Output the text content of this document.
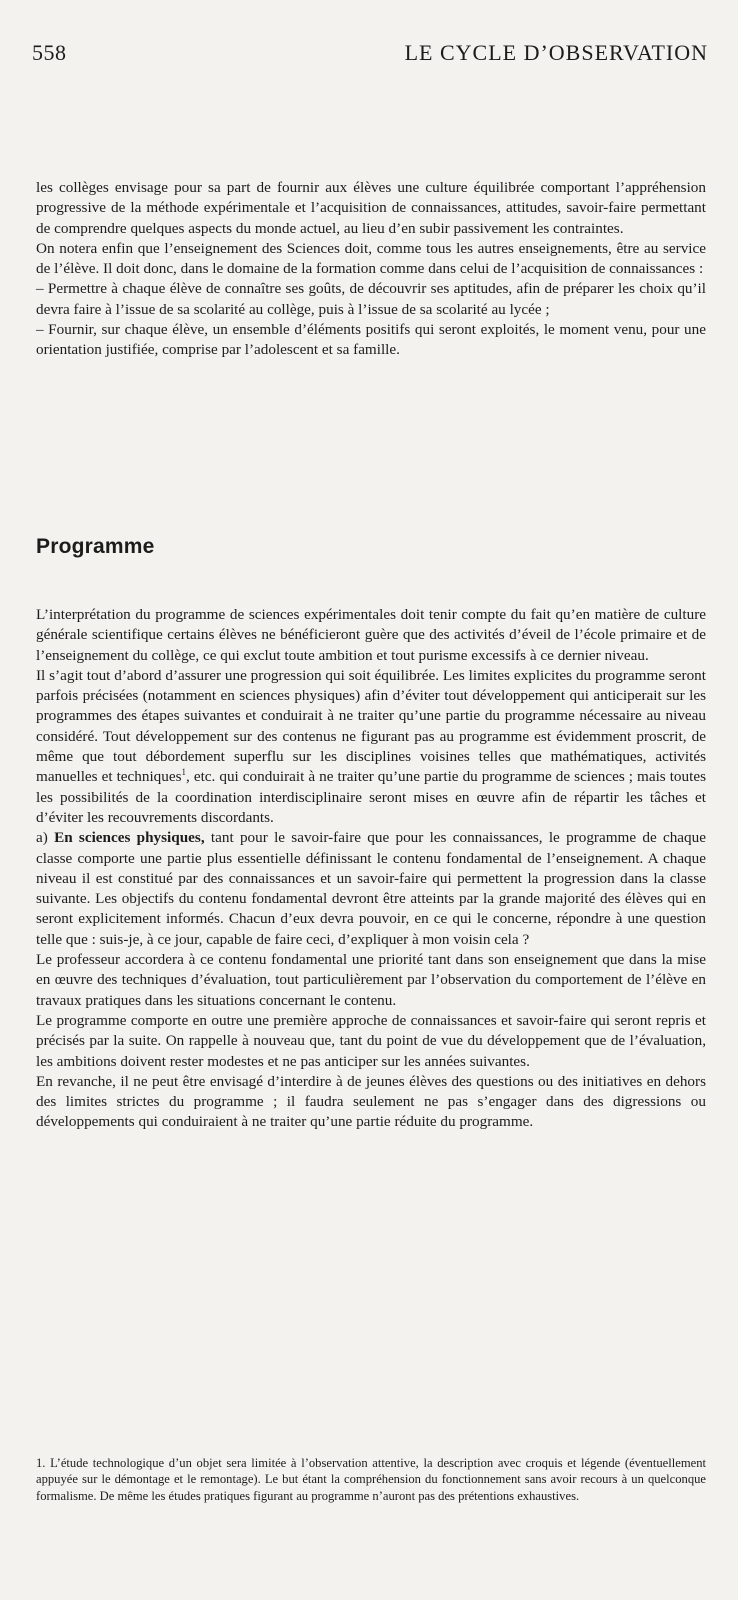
558	LE CYCLE D’OBSERVATION

les collèges envisage pour sa part de fournir aux élèves une culture équilibrée comportant l’appréhension progressive de la méthode expérimentale et l’acquisition de connaissances, attitudes, savoir-faire permettant de comprendre quelques aspects du monde actuel, au lieu d’en subir passivement les contraintes.

On notera enfin que l’enseignement des Sciences doit, comme tous les autres enseignements, être au service de l’élève. Il doit donc, dans le domaine de la formation comme dans celui de l’acquisition de connaissances :

– Permettre à chaque élève de connaître ses goûts, de découvrir ses aptitudes, afin de préparer les choix qu’il devra faire à l’issue de sa scolarité au collège, puis à l’issue de sa scolarité au lycée ;

– Fournir, sur chaque élève, un ensemble d’éléments positifs qui seront exploités, le moment venu, pour une orientation justifiée, comprise par l’adolescent et sa famille.

Programme

L’interprétation du programme de sciences expérimentales doit tenir compte du fait qu’en matière de culture générale scientifique certains élèves ne bénéficieront guère que des activités d’éveil de l’école primaire et de l’enseignement du collège, ce qui exclut toute ambition et tout purisme excessifs à ce dernier niveau.

Il s’agit tout d’abord d’assurer une progression qui soit équilibrée. Les limites explicites du programme seront parfois précisées (notamment en sciences physiques) afin d’éviter tout développement qui anticiperait sur les programmes des étapes suivantes et conduirait à ne traiter qu’une partie du programme nécessaire au niveau considéré. Tout développement sur des contenus ne figurant pas au programme est évidemment proscrit, de même que tout débordement superflu sur les disciplines voisines telles que mathématiques, activités manuelles et techniques$^1$, etc. qui conduirait à ne traiter qu’une partie du programme de sciences ; mais toutes les possibilités de la coordination interdisciplinaire seront mises en œuvre afin de répartir les tâches et d’éviter les recouvrements discordants.

a) En sciences physiques, tant pour le savoir-faire que pour les connaissances, le programme de chaque classe comporte une partie plus essentielle définissant le contenu fondamental de l’enseignement. A chaque niveau il est constitué par des connaissances et un savoir-faire qui permettent la progression dans la classe suivante. Les objectifs du contenu fondamental devront être atteints par la grande majorité des élèves qui en seront explicitement informés. Chacun d’eux devra pouvoir, en ce qui le concerne, répondre à une question telle que : suis-je, à ce jour, capable de faire ceci, d’expliquer à mon voisin cela ?

Le professeur accordera à ce contenu fondamental une priorité tant dans son enseignement que dans la mise en œuvre des techniques d’évaluation, tout particulièrement par l’observation du comportement de l’élève en travaux pratiques dans les situations concernant le contenu.

Le programme comporte en outre une première approche de connaissances et savoir-faire qui seront repris et précisés par la suite. On rappelle à nouveau que, tant du point de vue du développement que de l’évaluation, les ambitions doivent rester modestes et ne pas anticiper sur les années suivantes.

En revanche, il ne peut être envisagé d’interdire à de jeunes élèves des questions ou des initiatives en dehors des limites strictes du programme ; il faudra seulement ne pas s’engager dans des digressions ou développements qui conduiraient à ne traiter qu’une partie réduite du programme.

1. L’étude technologique d’un objet sera limitée à l’observation attentive, la description avec croquis et légende (éventuellement appuyée sur le démontage et le remontage). Le but étant la compréhension du fonctionnement sans avoir recours à un quelconque formalisme. De même les études pratiques figurant au programme n’auront pas des prétentions exhaustives.
